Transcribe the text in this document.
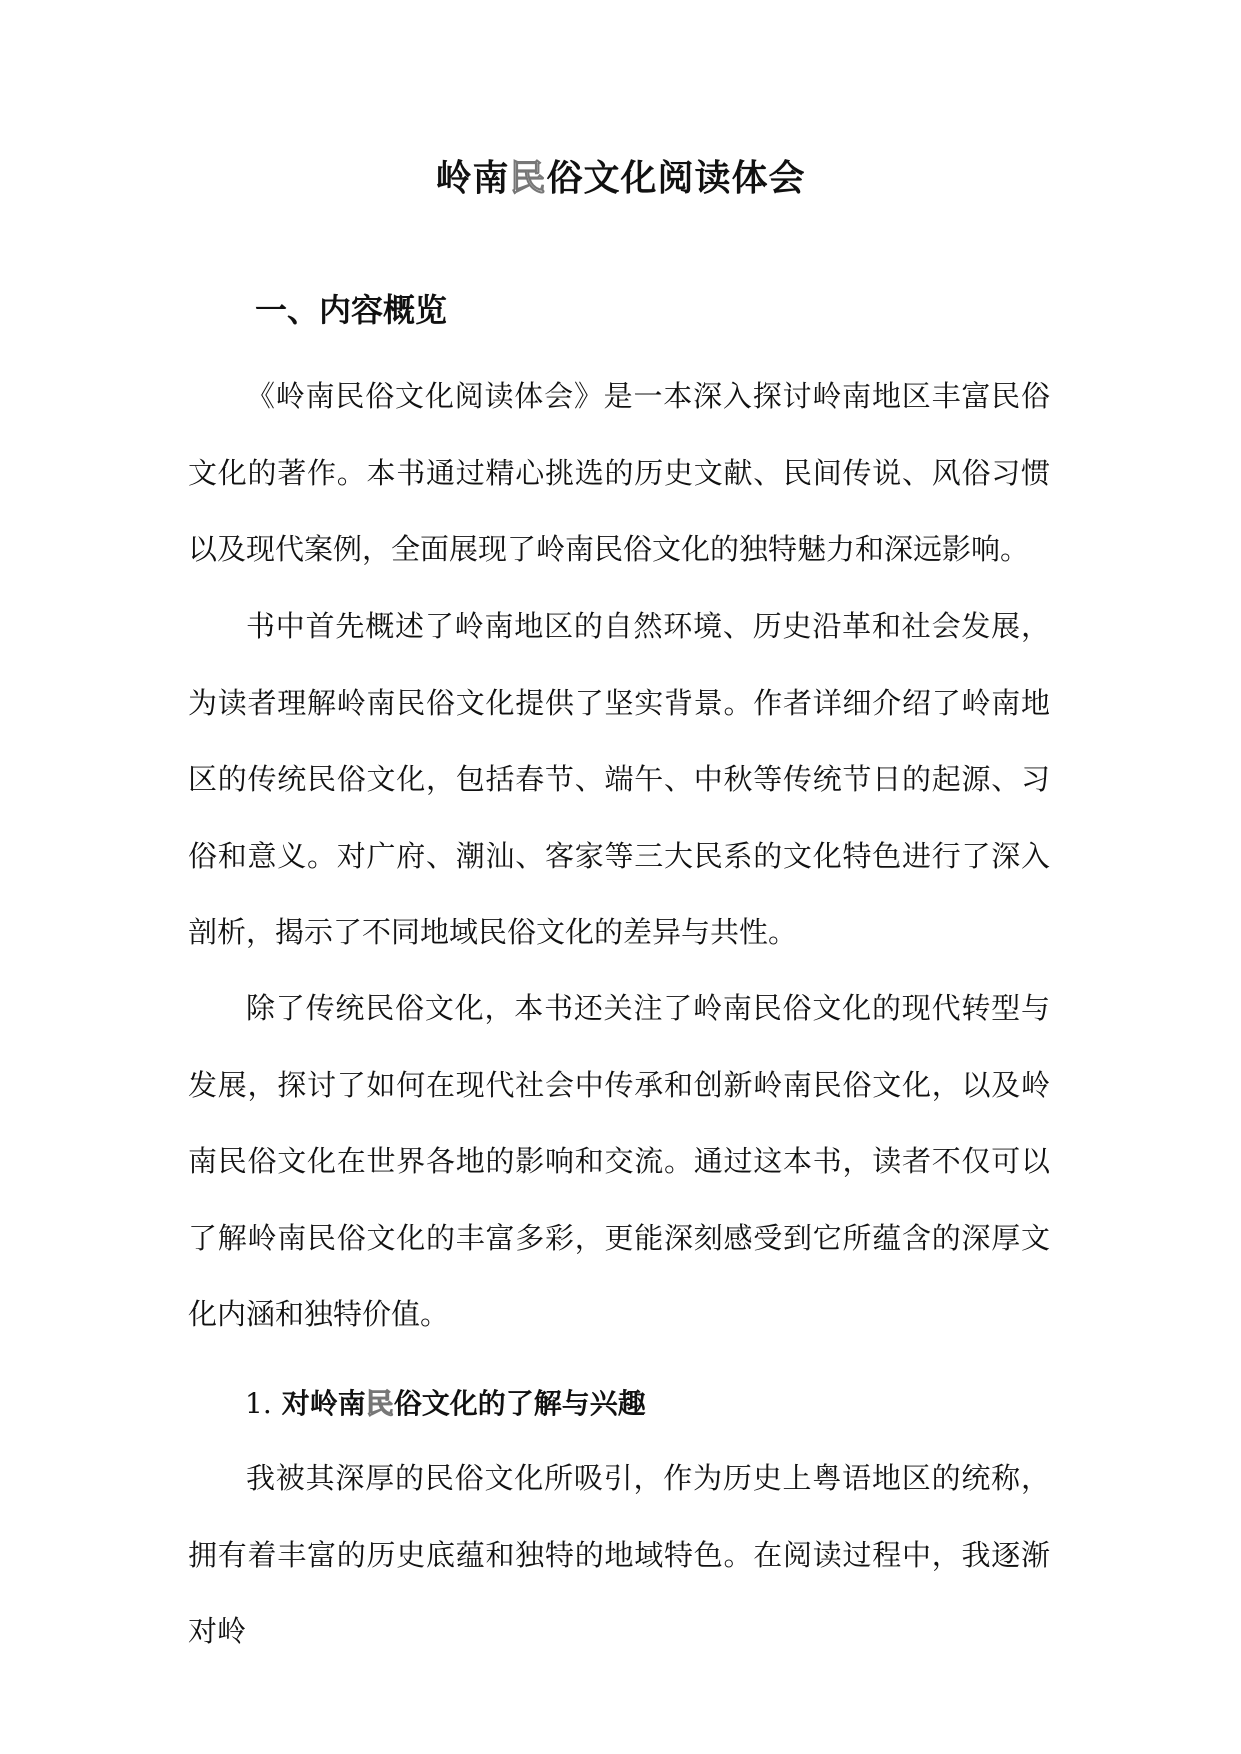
岭南民俗文化阅读体会
一、内容概览

《岭南民俗文化阅读体会》是一本深入探讨岭南地区丰富民俗文化的著作。本书通过精心挑选的历史文献、民间传说、风俗习惯以及现代案例，全面展现了岭南民俗文化的独特魅力和深远影响。

书中首先概述了岭南地区的自然环境、历史沿革和社会发展，为读者理解岭南民俗文化提供了坚实背景。作者详细介绍了岭南地区的传统民俗文化，包括春节、端午、中秋等传统节日的起源、习俗和意义。对广府、潮汕、客家等三大民系的文化特色进行了深入剖析，揭示了不同地域民俗文化的差异与共性。

除了传统民俗文化，本书还关注了岭南民俗文化的现代转型与发展，探讨了如何在现代社会中传承和创新岭南民俗文化，以及岭南民俗文化在世界各地的影响和交流。通过这本书，读者不仅可以了解岭南民俗文化的丰富多彩，更能深刻感受到它所蕴含的深厚文化内涵和独特价值。

1. 对岭南民俗文化的了解与兴趣

我被其深厚的民俗文化所吸引，作为历史上粤语地区的统称，拥有着丰富的历史底蕴和独特的地域特色。在阅读过程中，我逐渐对岭
